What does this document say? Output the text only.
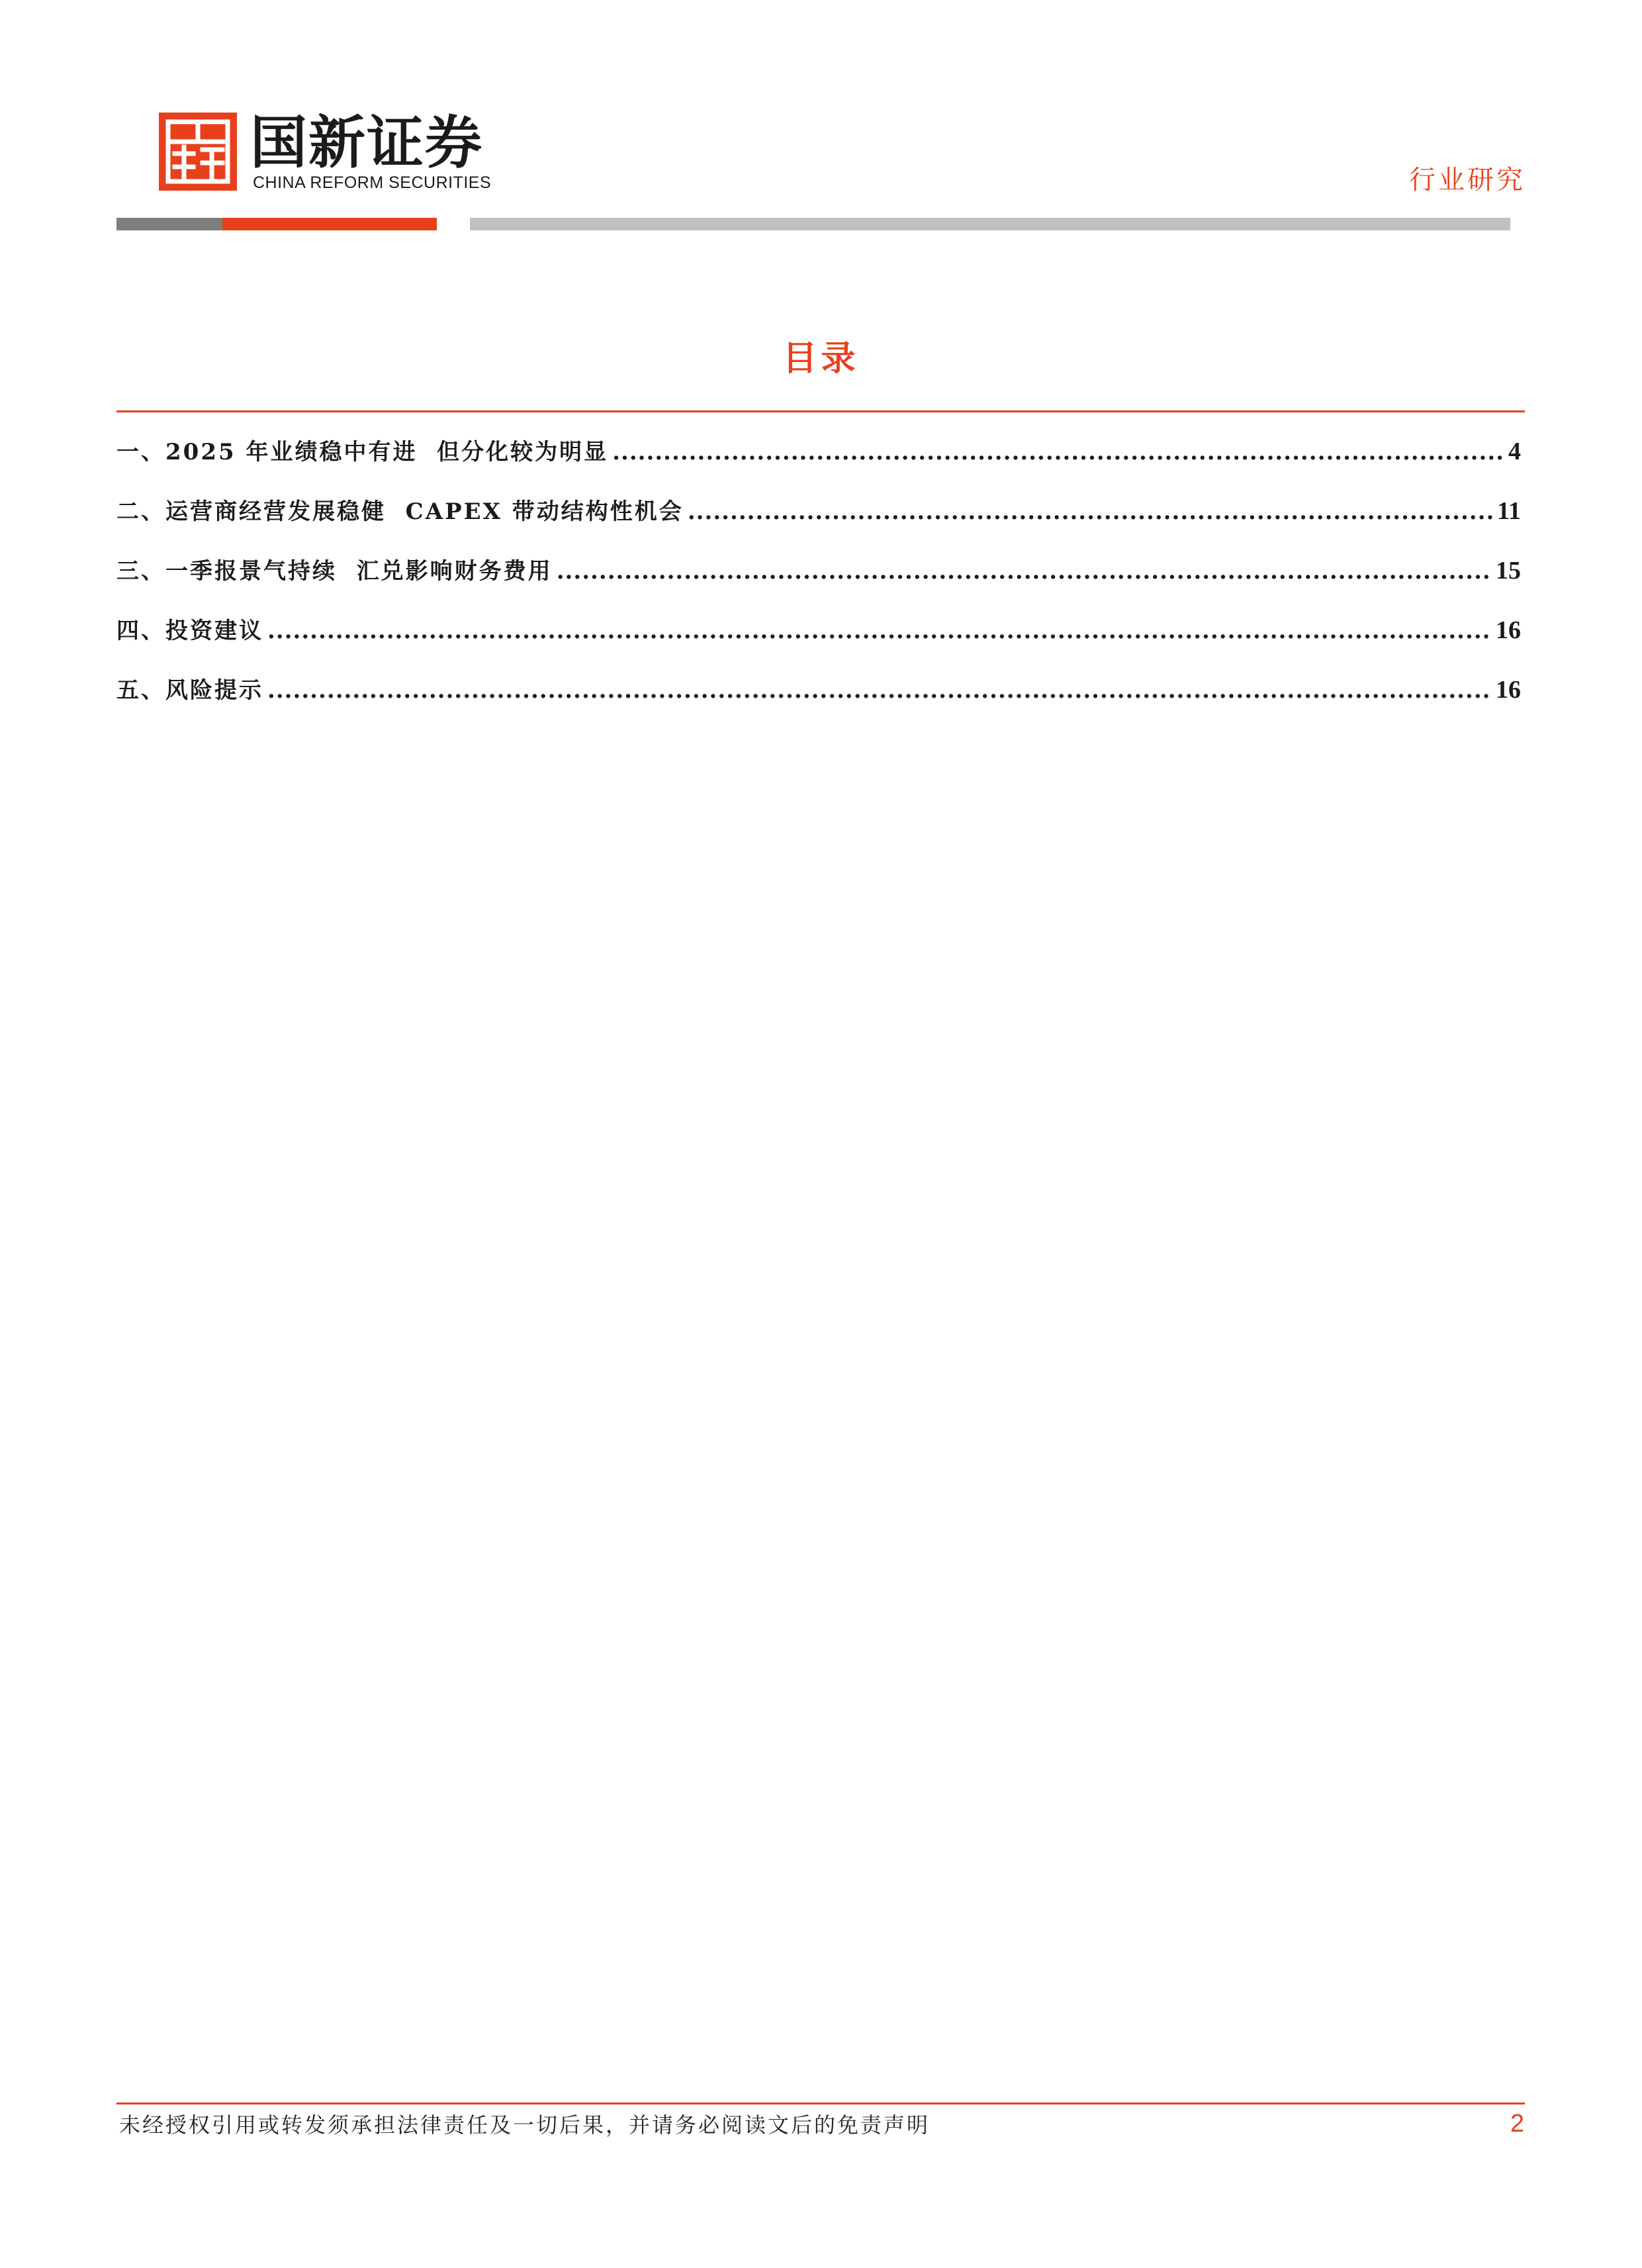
国新证券
CHINA REFORM SECURITIES	行业研究
目录
一、2025 年业绩稳中有进  但分化较为明显 .....	4
二、运营商经营发展稳健  CAPEX 带动结构性机会 .....	11
三、一季报景气持续  汇兑影响财务费用 .....	15
四、投资建议 .....	16
五、风险提示 .....	16
未经授权引用或转发须承担法律责任及一切后果，并请务必阅读文后的免责声明	2
